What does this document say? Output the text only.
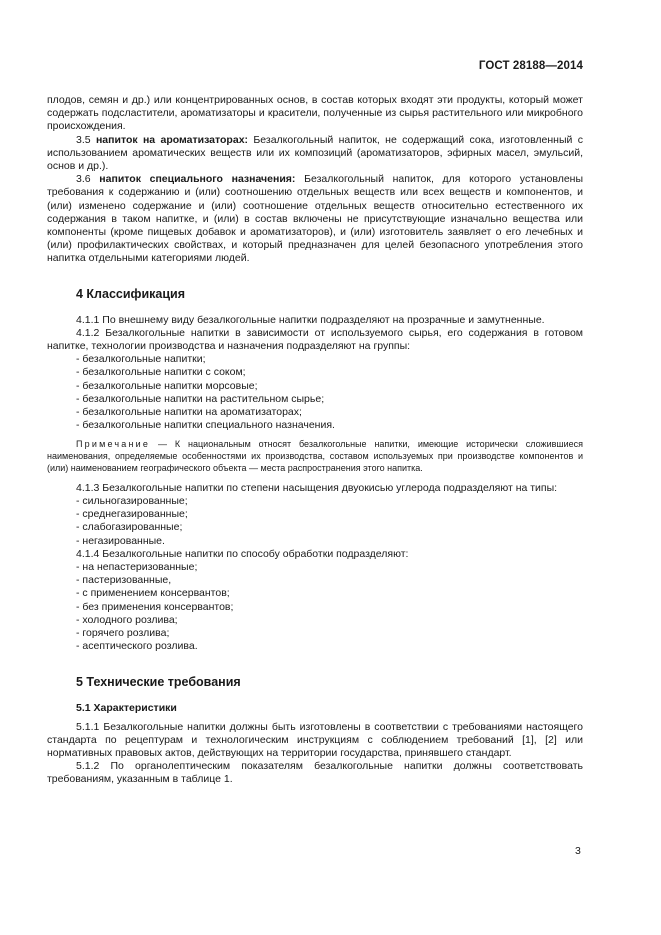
ГОСТ 28188—2014

плодов, семян и др.) или концентрированных основ, в состав которых входят эти продукты, который может содержать подсластители, ароматизаторы и красители, полученные из сырья растительного или микробного происхождения.

3.5 напиток на ароматизаторах: Безалкогольный напиток, не содержащий сока, изготовленный с использованием ароматических веществ или их композиций (ароматизаторов, эфирных масел, эмульсий, основ и др.).

3.6 напиток специального назначения: Безалкогольный напиток, для которого установлены требования к содержанию и (или) соотношению отдельных веществ или всех веществ и компонентов, и (или) изменено содержание и (или) соотношение отдельных веществ относительно естественного их содержания в таком напитке, и (или) в состав включены не присутствующие изначально вещества или компоненты (кроме пищевых добавок и ароматизаторов), и (или) изготовитель заявляет о его лечебных и (или) профилактических свойствах, и который предназначен для целей безопасного употребления этого напитка отдельными категориями людей.

4 Классификация

4.1.1 По внешнему виду безалкогольные напитки подразделяют на прозрачные и замутненные.

4.1.2 Безалкогольные напитки в зависимости от используемого сырья, его содержания в готовом напитке, технологии производства и назначения подразделяют на группы:

- безалкогольные напитки;
- безалкогольные напитки с соком;
- безалкогольные напитки морсовые;
- безалкогольные напитки на растительном сырье;
- безалкогольные напитки на ароматизаторах;
- безалкогольные напитки специального назначения.

Примечание — К национальным относят безалкогольные напитки, имеющие исторически сложившиеся наименования, определяемые особенностями их производства, составом используемых при производстве компонентов и (или) наименованием географического объекта — места распространения этого напитка.

4.1.3 Безалкогольные напитки по степени насыщения двуокисью углерода подразделяют на типы:

- сильногазированные;
- среднегазированные;
- слабогазированные;
- негазированные.

4.1.4 Безалкогольные напитки по способу обработки подразделяют:

- на непастеризованные;
- пастеризованные,
- с применением консервантов;
- без применения консервантов;
- холодного розлива;
- горячего розлива;
- асептического розлива.
5 Технические требования
5.1 Характеристики

5.1.1 Безалкогольные напитки должны быть изготовлены в соответствии с требованиями настоящего стандарта по рецептурам и технологическим инструкциям с соблюдением требований [1], [2] или нормативных правовых актов, действующих на территории государства, принявшего стандарт.

5.1.2 По органолептическим показателям безалкогольные напитки должны соответствовать требованиям, указанным в таблице 1.

3
